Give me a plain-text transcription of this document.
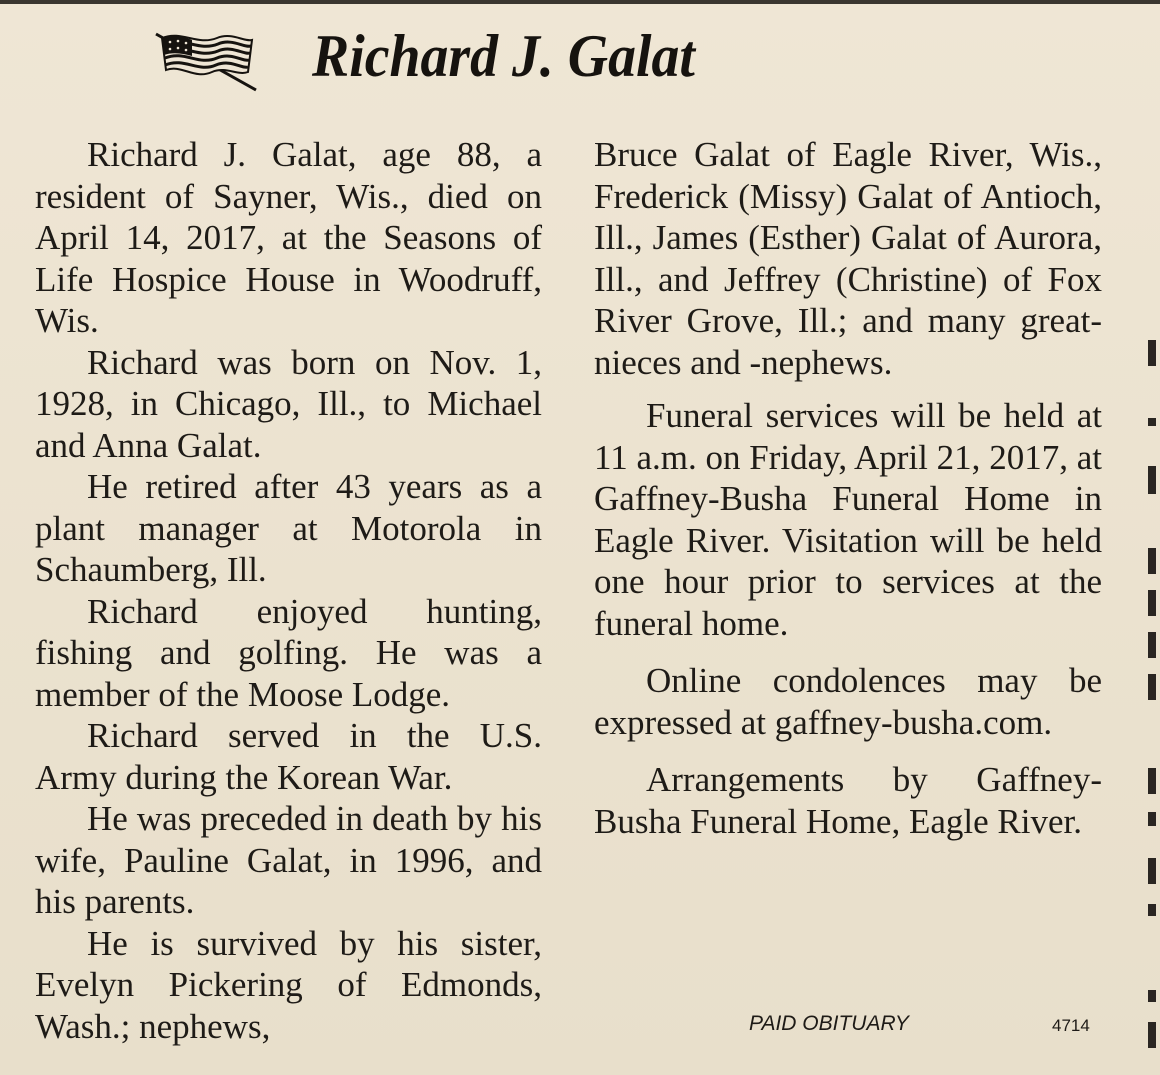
Richard J. Galat

Richard J. Galat, age 88, a resident of Sayner, Wis., died on April 14, 2017, at the Seasons of Life Hospice House in Woodruff, Wis.

Richard was born on Nov. 1, 1928, in Chicago, Ill., to Michael and Anna Galat.

He retired after 43 years as a plant manager at Motorola in Schaumberg, Ill.

Richard enjoyed hunting, fishing and golfing. He was a member of the Moose Lodge.

Richard served in the U.S. Army during the Korean War.

He was preceded in death by his wife, Pauline Galat, in 1996, and his parents.

He is survived by his sister, Evelyn Pickering of Edmonds, Wash.; nephews,

Bruce Galat of Eagle River, Wis., Frederick (Missy) Galat of Antioch, Ill., James (Esther) Galat of Aurora, Ill., and Jeffrey (Christine) of Fox River Grove, Ill.; and many great-nieces and -nephews.

Funeral services will be held at 11 a.m. on Friday, April 21, 2017, at Gaffney-Busha Funeral Home in Eagle River. Visitation will be held one hour prior to services at the funeral home.

Online condolences may be expressed at gaffney-busha.com.

Arrangements by Gaffney-Busha Funeral Home, Eagle River.

PAID OBITUARY	4714
